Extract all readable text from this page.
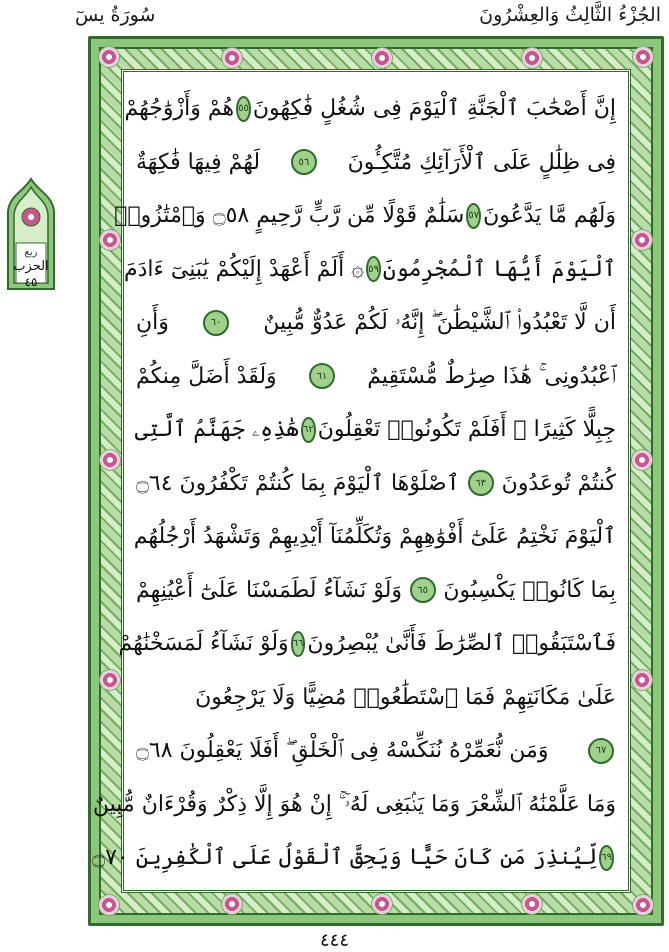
الجُزْءُ الثَّالِثُ وَالعِشْرُونَ
سُورَةُ يسٓ
ربع
الحزب
٤٥
إِنَّ أَصْحَٰبَ ٱلْجَنَّةِ ٱلْيَوْمَ فِى شُغُلٍ فَٰكِهُونَ
٥٥
هُمْ وَأَزْوَٰجُهُمْ
فِى ظِلَٰلٍ عَلَى ٱلْأَرَآئِكِ مُتَّكِـُٔونَ
٥٦
لَهُمْ فِيهَا فَٰكِهَةٌ
وَلَهُم مَّا يَدَّعُونَ
٥٧
سَلَٰمٌ قَوْلًا مِّن رَّبٍّ رَّحِيمٍ ۝٥٨ وَٱمْتَٰزُوا۟
ٱلْيَوْمَ أَيُّهَا ٱلْمُجْرِمُونَ
٥٩
۞ أَلَمْ أَعْهَدْ إِلَيْكُمْ يَٰبَنِىٓ ءَادَمَ
أَن لَّا تَعْبُدُوا۟ ٱلشَّيْطَٰنَ ۖ إِنَّهُۥ لَكُمْ عَدُوٌّ مُّبِينٌ
٦٠
وَأَنِ
ٱعْبُدُونِى ۚ هَٰذَا صِرَٰطٌ مُّسْتَقِيمٌ
٦١
وَلَقَدْ أَضَلَّ مِنكُمْ
جِبِلًّا كَثِيرًا ۖ أَفَلَمْ تَكُونُوا۟ تَعْقِلُونَ
٦٢
هَٰذِهِۦ جَهَنَّمُ ٱلَّتِى
كُنتُمْ تُوعَدُونَ
٦٣
ٱصْلَوْهَا ٱلْيَوْمَ بِمَا كُنتُمْ تَكْفُرُونَ ۝٦٤
ٱلْيَوْمَ نَخْتِمُ عَلَىٰٓ أَفْوَٰهِهِمْ وَتُكَلِّمُنَآ أَيْدِيهِمْ وَتَشْهَدُ أَرْجُلُهُم
بِمَا كَانُوا۟ يَكْسِبُونَ
٦٥
وَلَوْ نَشَآءُ لَطَمَسْنَا عَلَىٰٓ أَعْيُنِهِمْ
فَٱسْتَبَقُوا۟ ٱلصِّرَٰطَ فَأَنَّىٰ يُبْصِرُونَ
٦٦
وَلَوْ نَشَآءُ لَمَسَخْنَٰهُمْ
عَلَىٰ مَكَانَتِهِمْ فَمَا ٱسْتَطَٰعُوا۟ مُضِيًّا وَلَا يَرْجِعُونَ
٦٧
وَمَن نُّعَمِّرْهُ نُنَكِّسْهُ فِى ٱلْخَلْقِ ۖ أَفَلَا يَعْقِلُونَ ۝٦٨
وَمَا عَلَّمْنَٰهُ ٱلشِّعْرَ وَمَا يَنۢبَغِى لَهُۥٓ ۚ إِنْ هُوَ إِلَّا ذِكْرٌ وَقُرْءَانٌ مُّبِينٌ
٦٩
لِّيُنذِرَ مَن كَانَ حَيًّا وَيَحِقَّ ٱلْقَوْلُ عَلَى ٱلْكَٰفِرِينَ ۝٧٠
٤٤٤
